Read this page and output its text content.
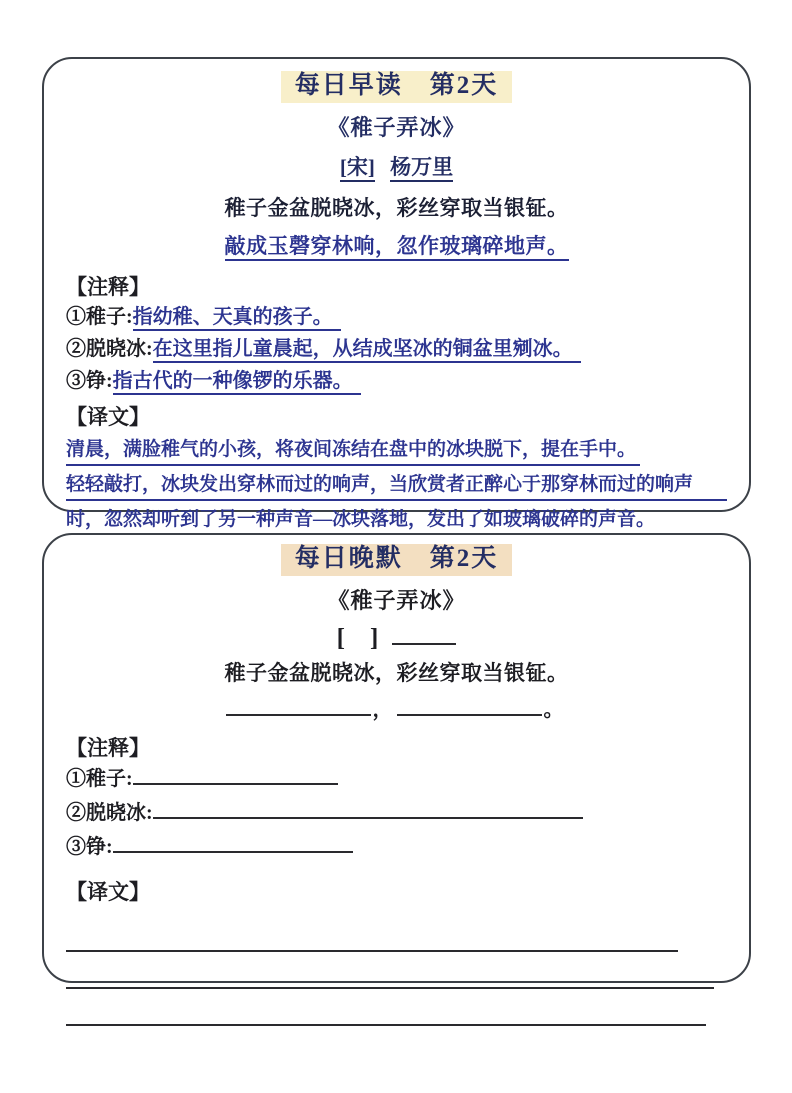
每日早读　第2天
《稚子弄冰》
[宋] 杨万里
稚子金盆脱晓冰，彩丝穿取当银钲。
敲成玉磬穿林响，忽作玻璃碎地声。
【注释】
①稚子:指幼稚、天真的孩子。
②脱晓冰:在这里指儿童晨起，从结成坚冰的铜盆里剜冰。
③铮:指古代的一种像锣的乐器。
【译文】
清晨，满脸稚气的小孩，将夜间冻结在盘中的冰块脱下，提在手中。
轻轻敲打，冰块发出穿林而过的响声，当欣赏者正醉心于那穿林而过的响声
时，忽然却听到了另一种声音—冰块落地，发出了如玻璃破碎的声音。
每日晚默　第2天
《稚子弄冰》
[　]
稚子金盆脱晓冰，彩丝穿取当银钲。
，	。
【注释】
①稚子:
②脱晓冰:
③铮:
【译文】
